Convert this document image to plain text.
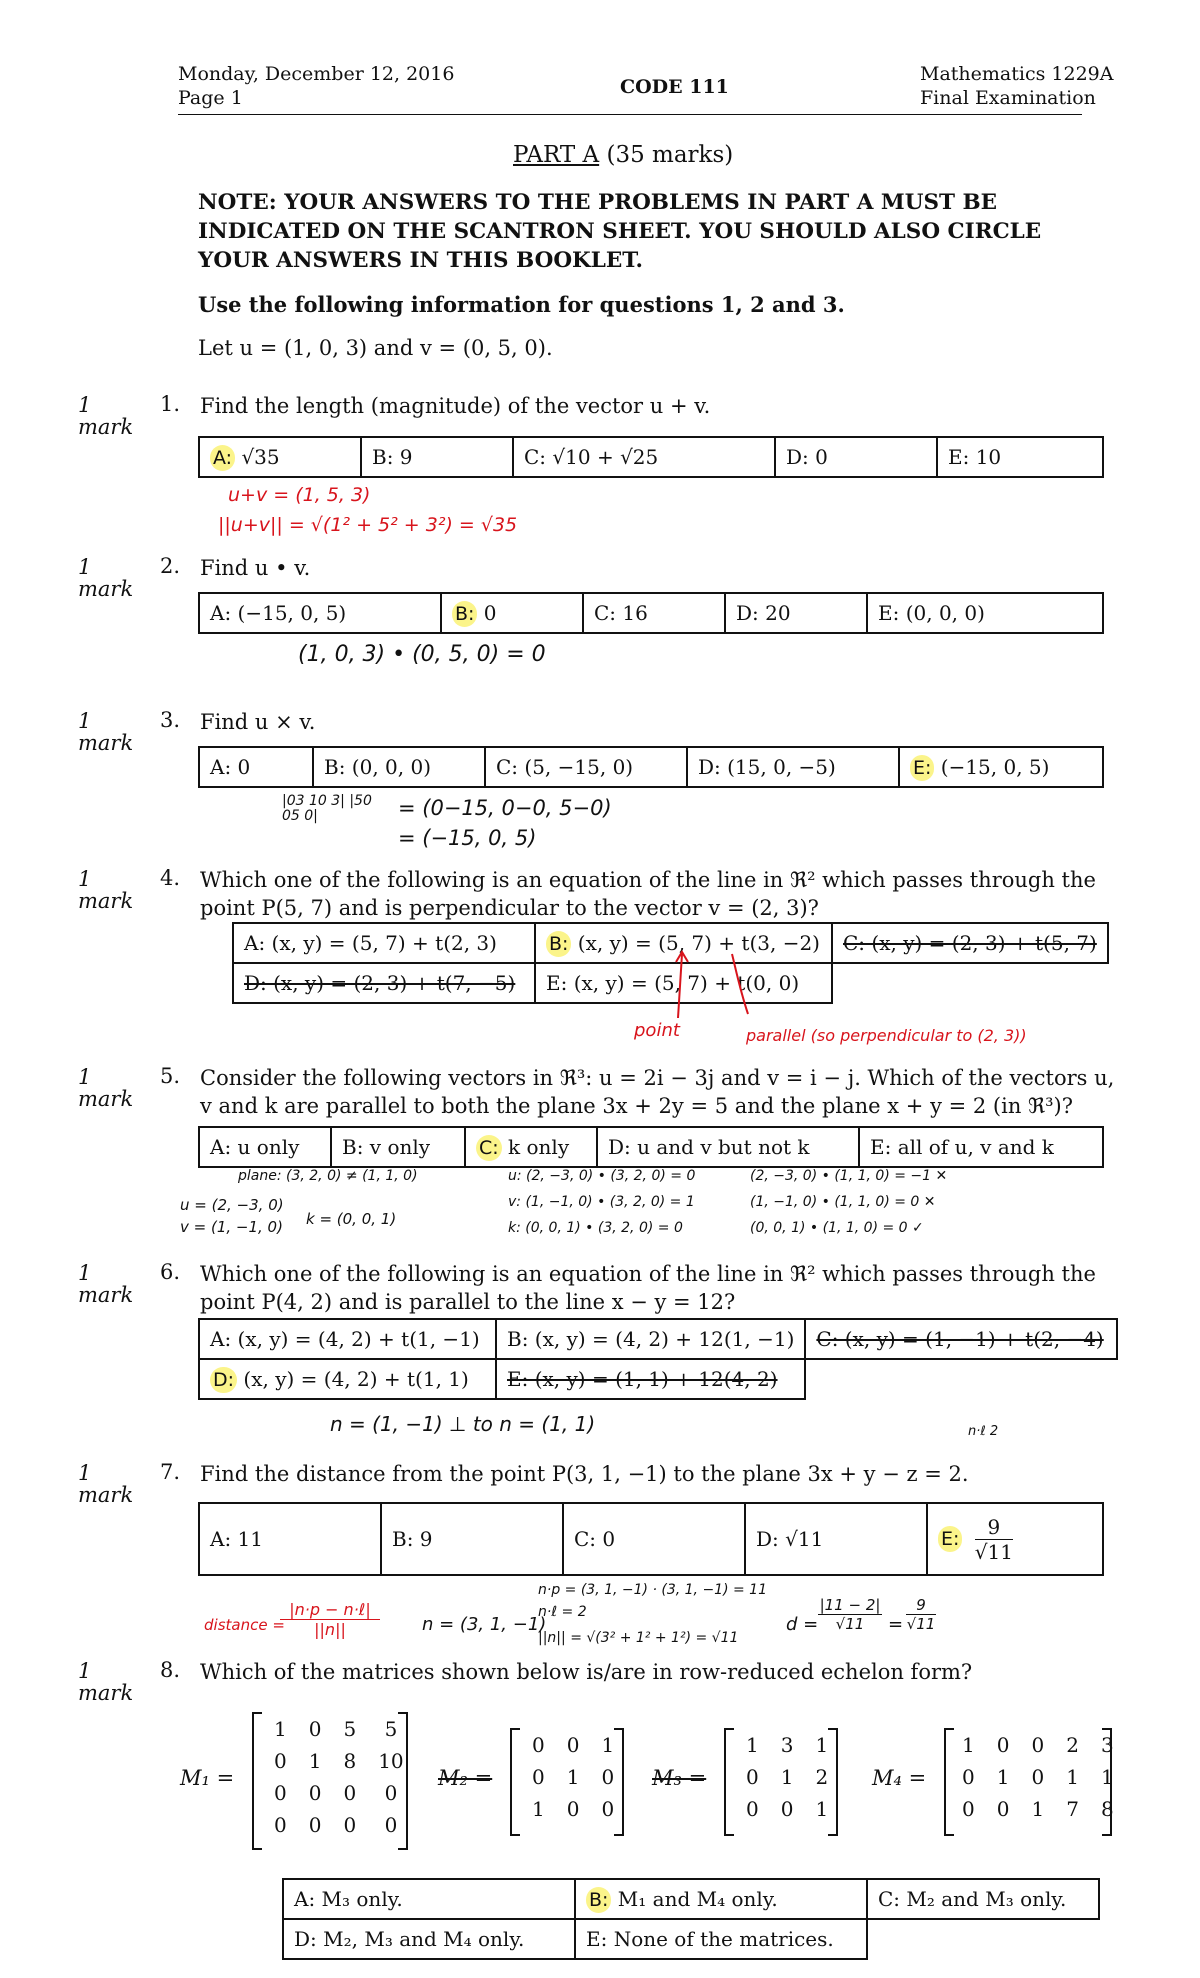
Monday, December 12, 2016
Page 1	CODE 111
Mathematics 1229A
Final Examination
PART A (35 marks)
NOTE: YOUR ANSWERS TO THE PROBLEMS IN PART A MUST BE INDICATED ON THE SCANTRON SHEET. YOU SHOULD ALSO CIRCLE YOUR ANSWERS IN THIS BOOKLET.
Use the following information for questions 1, 2 and 3.
Let u = (1, 0, 3) and v = (0, 5, 0).
1
mark
1. Find the length (magnitude) of the vector u + v.
A: √35	B: 9	C: √10 + √25	D: 0	E: 10
u+v = (1, 5, 3)
||u+v|| = √(1² + 5² + 3²) = √35
1
mark
2. Find u • v.
A: (−15, 0, 5)	B: 0	C: 16	D: 20	E: (0, 0, 0)
(1, 0, 3) • (0, 5, 0) = 0
1
mark
3. Find u × v.
A: 0	B: (0, 0, 0)	C: (5, −15, 0)	D: (15, 0, −5)	E: (−15, 0, 5)
|03 10 3| |50 05 0|	= (0−15, 0−0, 5−0)
= (−15, 0, 5)
1
mark
4. Which one of the following is an equation of the line in ℜ² which passes through the point P(5, 7) and is perpendicular to the vector v = (2, 3)?
A: (x, y) = (5, 7) + t(2, 3)	B: (x, y) = (5, 7) + t(3, −2)	C: (x, y) = (2, 3) + t(5, 7)
D: (x, y) = (2, 3) + t(7, −5)	E: (x, y) = (5, 7) + t(0, 0)	
point	parallel (so perpendicular to (2, 3))
1
mark
5. Consider the following vectors in ℜ³: u = 2i − 3j and v = i − j. Which of the vectors u, v and k are parallel to both the plane 3x + 2y = 5 and the plane x + y = 2 (in ℜ³)?
A: u only	B: v only	C: k only	D: u and v but not k	E: all of u, v and k
plane: (3, 2, 0) ≠ (1, 1, 0)
u = (2, −3, 0)
v = (1, −1, 0) k = (0, 0, 1)
u: (2, −3, 0) • (3, 2, 0) = 0
v: (1, −1, 0) • (3, 2, 0) = 1
k: (0, 0, 1) • (3, 2, 0) = 0
(2, −3, 0) • (1, 1, 0) = −1 ✕
(1, −1, 0) • (1, 1, 0) = 0 ✕
(0, 0, 1) • (1, 1, 0) = 0 ✓
1
mark
6. Which one of the following is an equation of the line in ℜ² which passes through the point P(4, 2) and is parallel to the line x − y = 12?
A: (x, y) = (4, 2) + t(1, −1)	B: (x, y) = (4, 2) + 12(1, −1)	C: (x, y) = (1, −1) + t(2, −4)
D: (x, y) = (4, 2) + t(1, 1)	E: (x, y) = (1, 1) + 12(4, 2)	
n = (1, −1) ⊥ to n = (1, 1)	n·ℓ 2
1
mark
7. Find the distance from the point P(3, 1, −1) to the plane 3x + y − z = 2.
A: 11	B: 9	C: 0	D: √11	E: $\frac{9}{√11}$
distance =
|n·p − n·ℓ|
||n||	n = (3, 1, −1)
n·p = (3, 1, −1) · (3, 1, −1) = 11
n·ℓ = 2
||n|| = √(3² + 1² + 1²) = √11
d =
|11 − 2|
√11	=
9
√11
1
mark
8. Which of the matrices shown below is/are in row-reduced echelon form?
M₁ =
1	0	5	5
0	1	8	10
0	0	0	0
0	0	0	0
M₂ =
0	0	1
0	1	0
1	0	0
M₃ =
1	3	1
0	1	2
0	0	1
M₄ =
1	0	0	2	3
0	1	0	1	1
0	0	1	7	8
A: M₃ only.	B: M₁ and M₄ only.	C: M₂ and M₃ only.
D: M₂, M₃ and M₄ only.	E: None of the matrices.	
